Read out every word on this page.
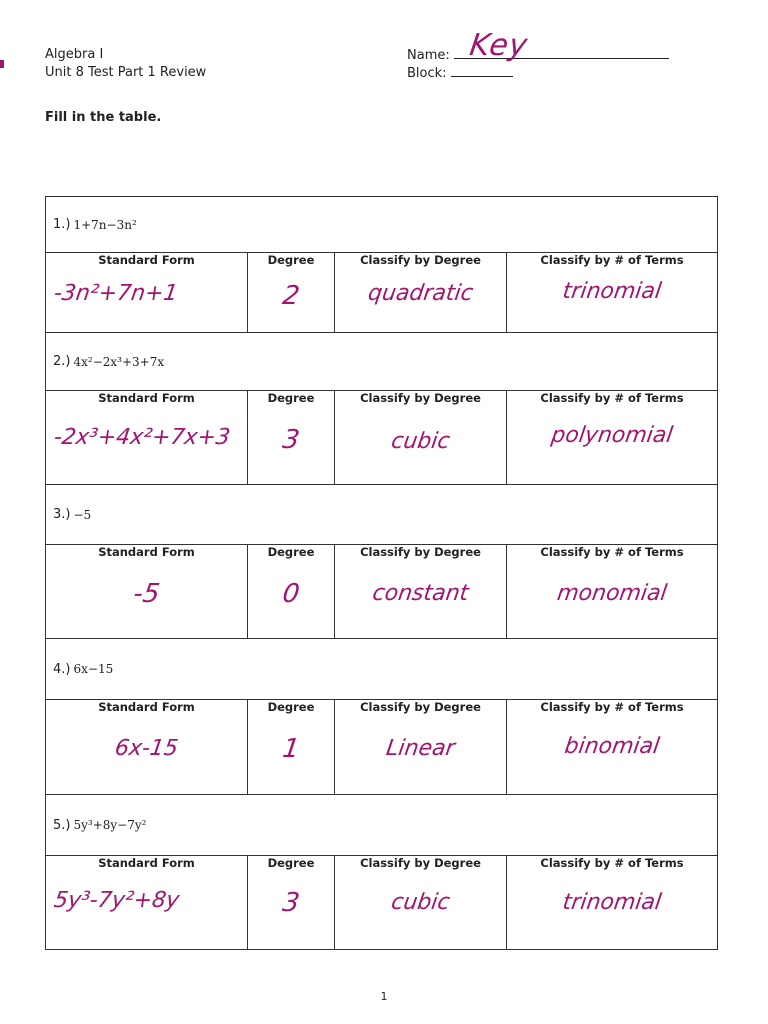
Algebra I
Unit 8 Test Part 1 Review
Name:
Block:
Key
Fill in the table.
1.) 1+7n−3n²
Standard Form
-3n²+7n+1
Degree
2
Classify by Degree
quadratic
Classify by # of Terms
trinomial
2.) 4x²−2x³+3+7x
Standard Form
-2x³+4x²+7x+3
Degree
3
Classify by Degree
cubic
Classify by # of Terms
polynomial
3.) −5
Standard Form
-5
Degree
0
Classify by Degree
constant
Classify by # of Terms
monomial
4.) 6x−15
Standard Form
6x-15
Degree
1
Classify by Degree
Linear
Classify by # of Terms
binomial
5.) 5y³+8y−7y²
Standard Form
5y³-7y²+8y
Degree
3
Classify by Degree
cubic
Classify by # of Terms
trinomial
1
